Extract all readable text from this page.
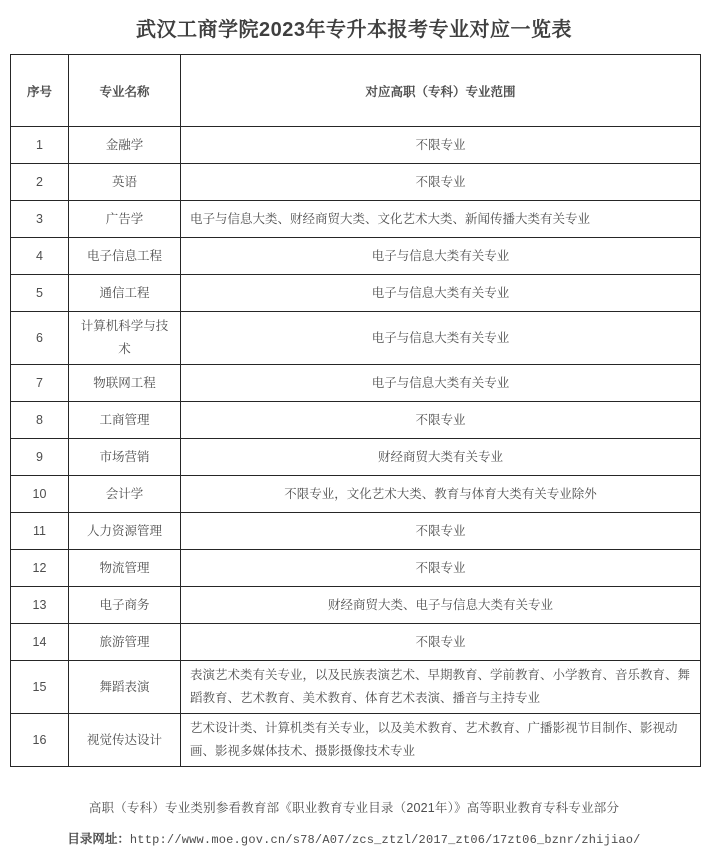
武汉工商学院2023年专升本报考专业对应一览表
序号	专业名称	对应高职（专科）专业范围
1	金融学	不限专业
2	英语	不限专业
3	广告学	电子与信息大类、财经商贸大类、文化艺术大类、新闻传播大类有关专业
4	电子信息工程	电子与信息大类有关专业
5	通信工程	电子与信息大类有关专业
6	计算机科学与技术	电子与信息大类有关专业
7	物联网工程	电子与信息大类有关专业
8	工商管理	不限专业
9	市场营销	财经商贸大类有关专业
10	会计学	不限专业，文化艺术大类、教育与体育大类有关专业除外
11	人力资源管理	不限专业
12	物流管理	不限专业
13	电子商务	财经商贸大类、电子与信息大类有关专业
14	旅游管理	不限专业
15	舞蹈表演	表演艺术类有关专业，以及民族表演艺术、早期教育、学前教育、小学教育、音乐教育、舞蹈教育、艺术教育、美术教育、体育艺术表演、播音与主持专业
16	视觉传达设计	艺术设计类、计算机类有关专业，以及美术教育、艺术教育、广播影视节目制作、影视动画、影视多媒体技术、摄影摄像技术专业

高职（专科）专业类别参看教育部《职业教育专业目录（2021年）》高等职业教育专科专业部分

目录网址：http://www.moe.gov.cn/s78/A07/zcs_ztzl/2017_zt06/17zt06_bznr/zhijiao/
